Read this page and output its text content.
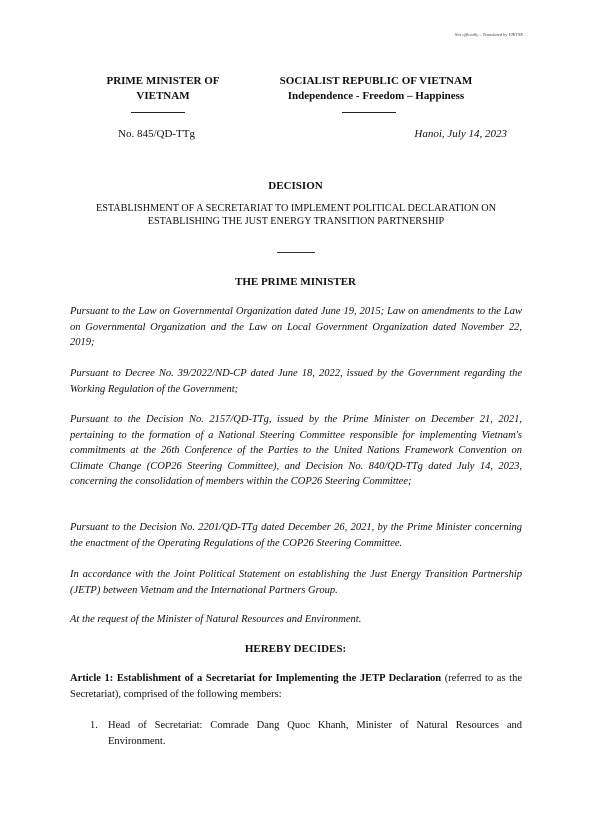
Not officially – Translated by VIETSE
PRIME MINISTER OF
VIETNAM
SOCIALIST REPUBLIC OF VIETNAM
Independence - Freedom – Happiness
No. 845/QD-TTg	Hanoi, July 14, 2023
DECISION
ESTABLISHMENT OF A SECRETARIAT TO IMPLEMENT POLITICAL DECLARATION ON
ESTABLISHING THE JUST ENERGY TRANSITION PARTNERSHIP
THE PRIME MINISTER
Pursuant to the Law on Governmental Organization dated June 19, 2015; Law on amendments to the Law on Governmental Organization and the Law on Local Government Organization dated November 22, 2019;
Pursuant to Decree No. 39/2022/ND-CP dated June 18, 2022, issued by the Government regarding the Working Regulation of the Government;
Pursuant to the Decision No. 2157/QD-TTg, issued by the Prime Minister on December 21, 2021, pertaining to the formation of a National Steering Committee responsible for implementing Vietnam's commitments at the 26th Conference of the Parties to the United Nations Framework Convention on Climate Change (COP26 Steering Committee), and Decision No. 840/QD-TTg dated July 14, 2023, concerning the consolidation of members within the COP26 Steering Committee;
Pursuant to the Decision No. 2201/QD-TTg dated December 26, 2021, by the Prime Minister concerning the enactment of the Operating Regulations of the COP26 Steering Committee.
In accordance with the Joint Political Statement on establishing the Just Energy Transition Partnership (JETP) between Vietnam and the International Partners Group.
At the request of the Minister of Natural Resources and Environment.
HEREBY DECIDES:
Article 1: Establishment of a Secretariat for Implementing the JETP Declaration (referred to as the Secretariat), comprised of the following members:
1. Head of Secretariat: Comrade Dang Quoc Khanh, Minister of Natural Resources and Environment.
